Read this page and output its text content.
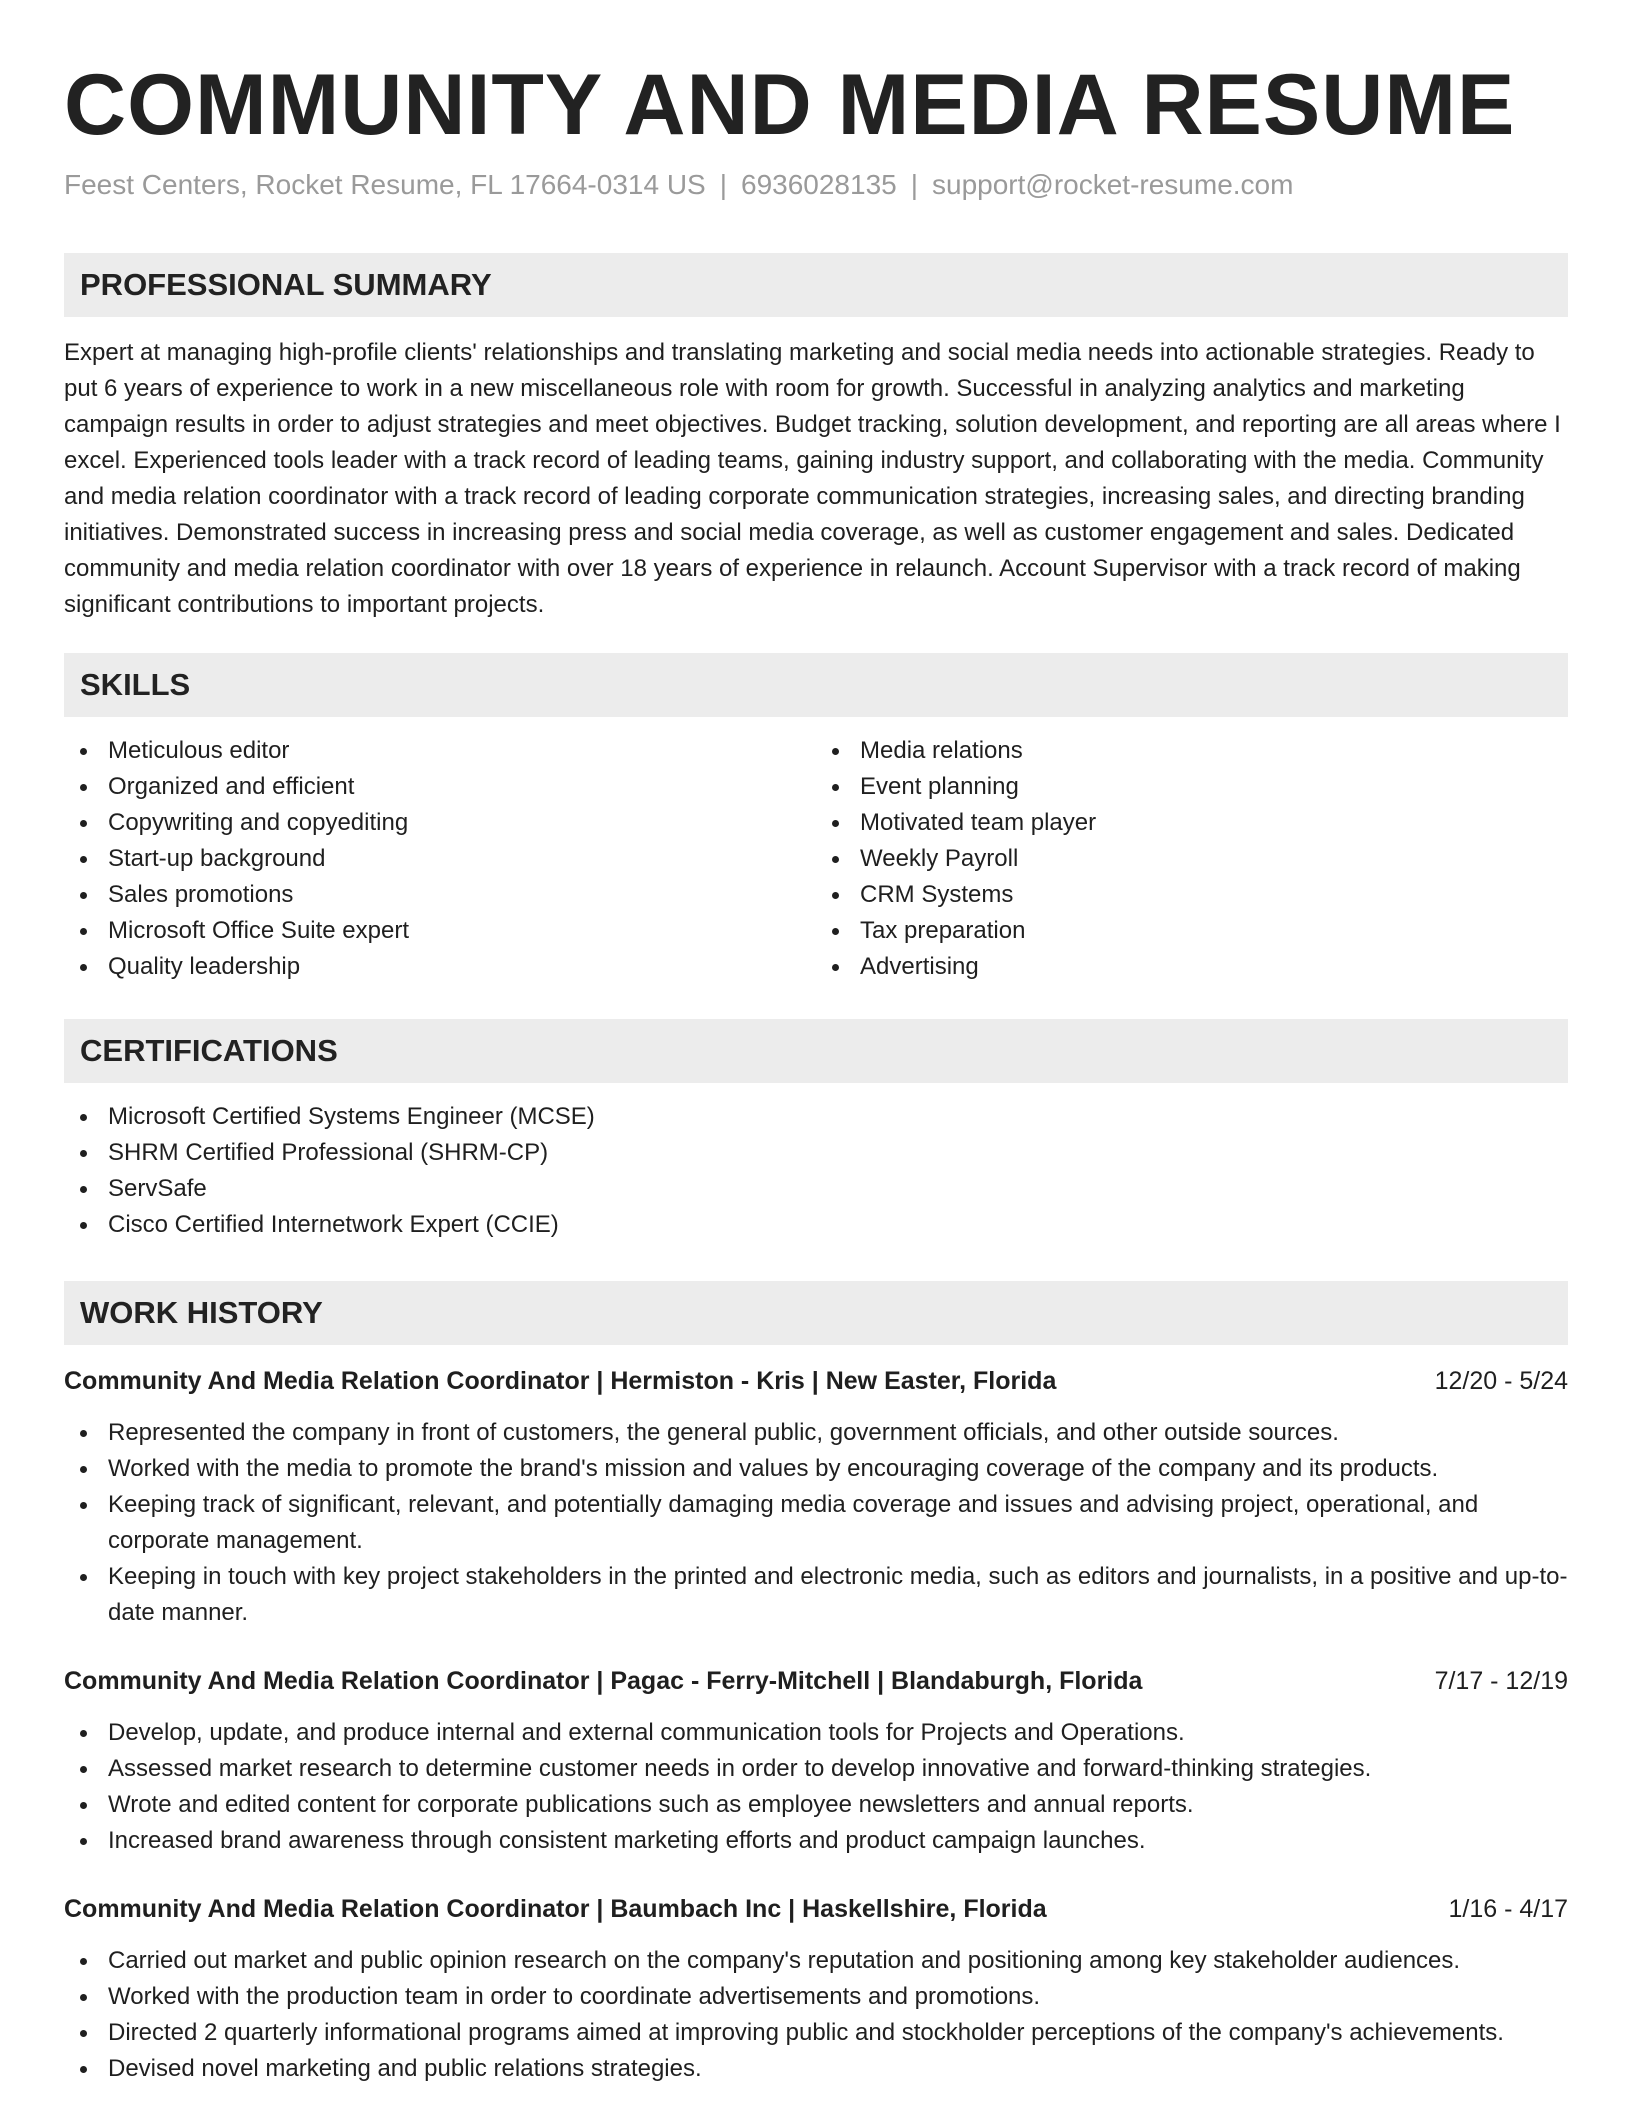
COMMUNITY AND MEDIA RESUME
Feest Centers, Rocket Resume, FL 17664-0314 US | 6936028135 | support@rocket-resume.com
PROFESSIONAL SUMMARY

Expert at managing high-profile clients' relationships and translating marketing and social media needs into actionable strategies. Ready to put 6 years of experience to work in a new miscellaneous role with room for growth. Successful in analyzing analytics and marketing campaign results in order to adjust strategies and meet objectives. Budget tracking, solution development, and reporting are all areas where I excel. Experienced tools leader with a track record of leading teams, gaining industry support, and collaborating with the media. Community and media relation coordinator with a track record of leading corporate communication strategies, increasing sales, and directing branding initiatives. Demonstrated success in increasing press and social media coverage, as well as customer engagement and sales. Dedicated community and media relation coordinator with over 18 years of experience in relaunch. Account Supervisor with a track record of making significant contributions to important projects.

SKILLS
Meticulous editor
Organized and efficient
Copywriting and copyediting
Start-up background
Sales promotions
Microsoft Office Suite expert
Quality leadership
Media relations
Event planning
Motivated team player
Weekly Payroll
CRM Systems
Tax preparation
Advertising
CERTIFICATIONS
Microsoft Certified Systems Engineer (MCSE)
SHRM Certified Professional (SHRM-CP)
ServSafe
Cisco Certified Internetwork Expert (CCIE)
WORK HISTORY
Community And Media Relation Coordinator | Hermiston - Kris | New Easter, Florida	12/20 - 5/24
Represented the company in front of customers, the general public, government officials, and other outside sources.
Worked with the media to promote the brand's mission and values by encouraging coverage of the company and its products.
Keeping track of significant, relevant, and potentially damaging media coverage and issues and advising project, operational, and corporate management.
Keeping in touch with key project stakeholders in the printed and electronic media, such as editors and journalists, in a positive and up-to-date manner.
Community And Media Relation Coordinator | Pagac - Ferry-Mitchell | Blandaburgh, Florida	7/17 - 12/19
Develop, update, and produce internal and external communication tools for Projects and Operations.
Assessed market research to determine customer needs in order to develop innovative and forward-thinking strategies.
Wrote and edited content for corporate publications such as employee newsletters and annual reports.
Increased brand awareness through consistent marketing efforts and product campaign launches.
Community And Media Relation Coordinator | Baumbach Inc | Haskellshire, Florida	1/16 - 4/17
Carried out market and public opinion research on the company's reputation and positioning among key stakeholder audiences.
Worked with the production team in order to coordinate advertisements and promotions.
Directed 2 quarterly informational programs aimed at improving public and stockholder perceptions of the company's achievements.
Devised novel marketing and public relations strategies.
